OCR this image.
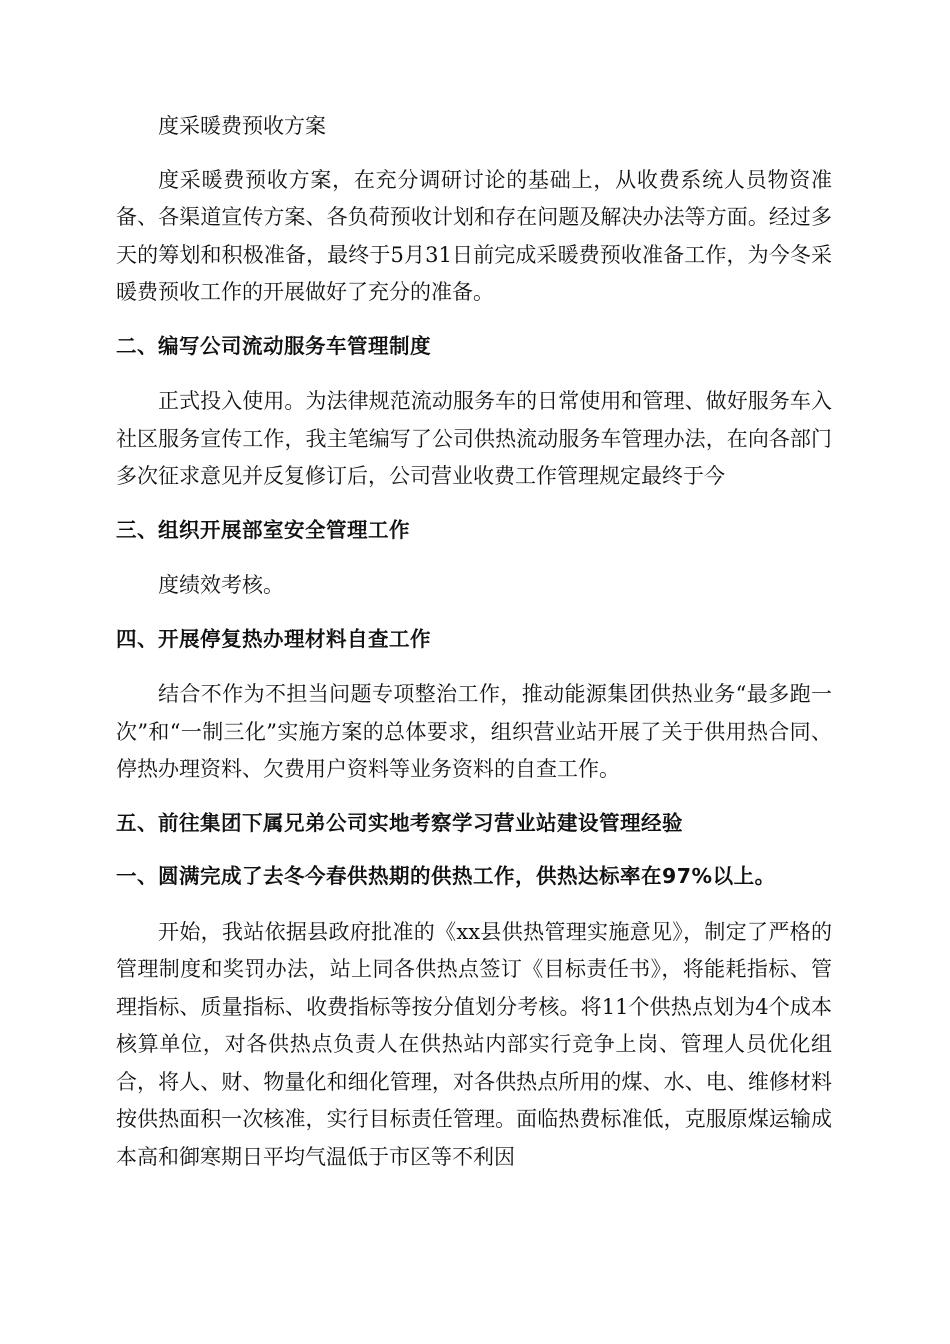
度采暖费预收方案

度采暖费预收方案，在充分调研讨论的基础上，从收费系统人员物资准备、各渠道宣传方案、各负荷预收计划和存在问题及解决办法等方面。经过多天的筹划和积极准备，最终于5月31日前完成采暖费预收准备工作，为今冬采暖费预收工作的开展做好了充分的准备。

二、编写公司流动服务车管理制度

正式投入使用。为法律规范流动服务车的日常使用和管理、做好服务车入社区服务宣传工作，我主笔编写了公司供热流动服务车管理办法，在向各部门多次征求意见并反复修订后，公司营业收费工作管理规定最终于今

三、组织开展部室安全管理工作

度绩效考核。

四、开展停复热办理材料自查工作

结合不作为不担当问题专项整治工作，推动能源集团供热业务“最多跑一次”和“一制三化”实施方案的总体要求，组织营业站开展了关于供用热合同、停热办理资料、欠费用户资料等业务资料的自查工作。

五、前往集团下属兄弟公司实地考察学习营业站建设管理经验
一、圆满完成了去冬今春供热期的供热工作，供热达标率在97%以上。

开始，我站依据县政府批准的《xx县供热管理实施意见》，制定了严格的管理制度和奖罚办法，站上同各供热点签订《目标责任书》，将能耗指标、管理指标、质量指标、收费指标等按分值划分考核。将11个供热点划为4个成本核算单位，对各供热点负责人在供热站内部实行竞争上岗、管理人员优化组合，将人、财、物量化和细化管理，对各供热点所用的煤、水、电、维修材料按供热面积一次核准，实行目标责任管理。面临热费标准低，克服原煤运输成本高和御寒期日平均气温低于市区等不利因
